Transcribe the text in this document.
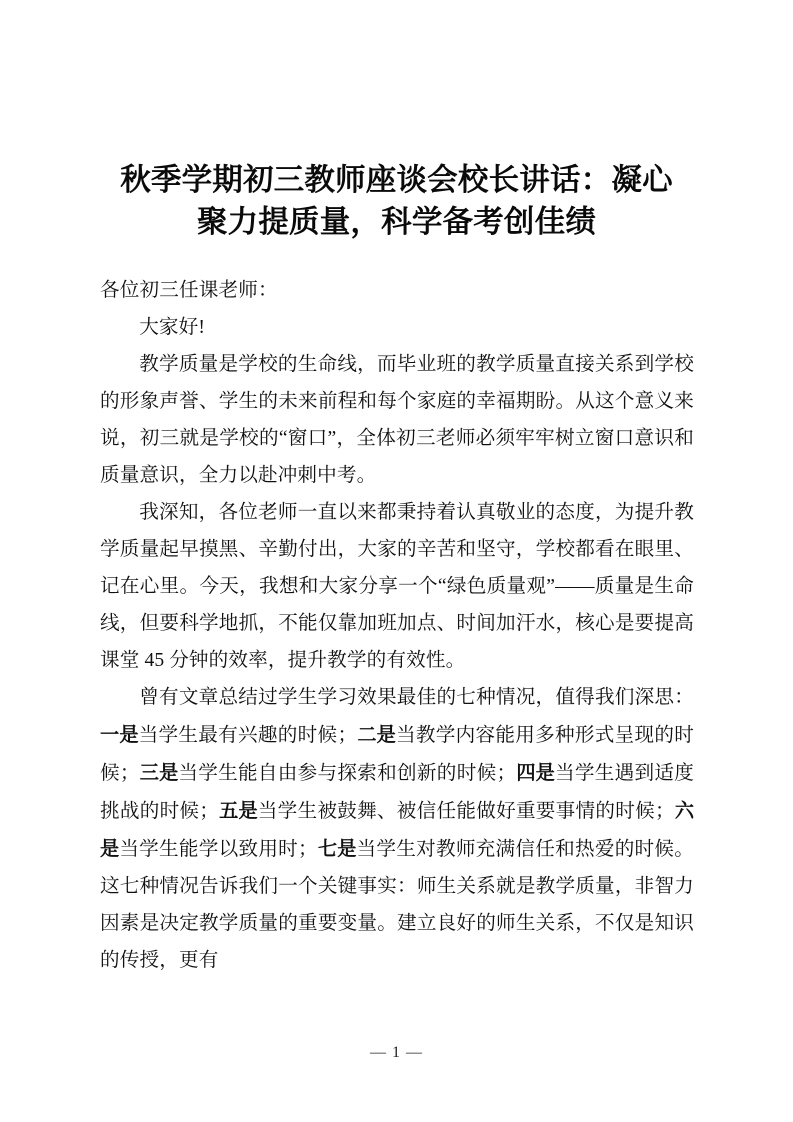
秋季学期初三教师座谈会校长讲话：凝心
聚力提质量，科学备考创佳绩

各位初三任课老师：

大家好!

教学质量是学校的生命线，而毕业班的教学质量直接关系到学校的形象声誉、学生的未来前程和每个家庭的幸福期盼。从这个意义来说，初三就是学校的“窗口”，全体初三老师必须牢牢树立窗口意识和质量意识，全力以赴冲刺中考。

我深知，各位老师一直以来都秉持着认真敬业的态度，为提升教学质量起早摸黑、辛勤付出，大家的辛苦和坚守，学校都看在眼里、记在心里。今天，我想和大家分享一个“绿色质量观”——质量是生命线，但要科学地抓，不能仅靠加班加点、时间加汗水，核心是要提高课堂 45 分钟的效率，提升教学的有效性。

曾有文章总结过学生学习效果最佳的七种情况，值得我们深思：一是当学生最有兴趣的时候；二是当教学内容能用多种形式呈现的时候；三是当学生能自由参与探索和创新的时候；四是当学生遇到适度挑战的时候；五是当学生被鼓舞、被信任能做好重要事情的时候；六是当学生能学以致用时；七是当学生对教师充满信任和热爱的时候。这七种情况告诉我们一个关键事实：师生关系就是教学质量，非智力因素是决定教学质量的重要变量。建立良好的师生关系，不仅是知识的传授，更有

— 1 —
